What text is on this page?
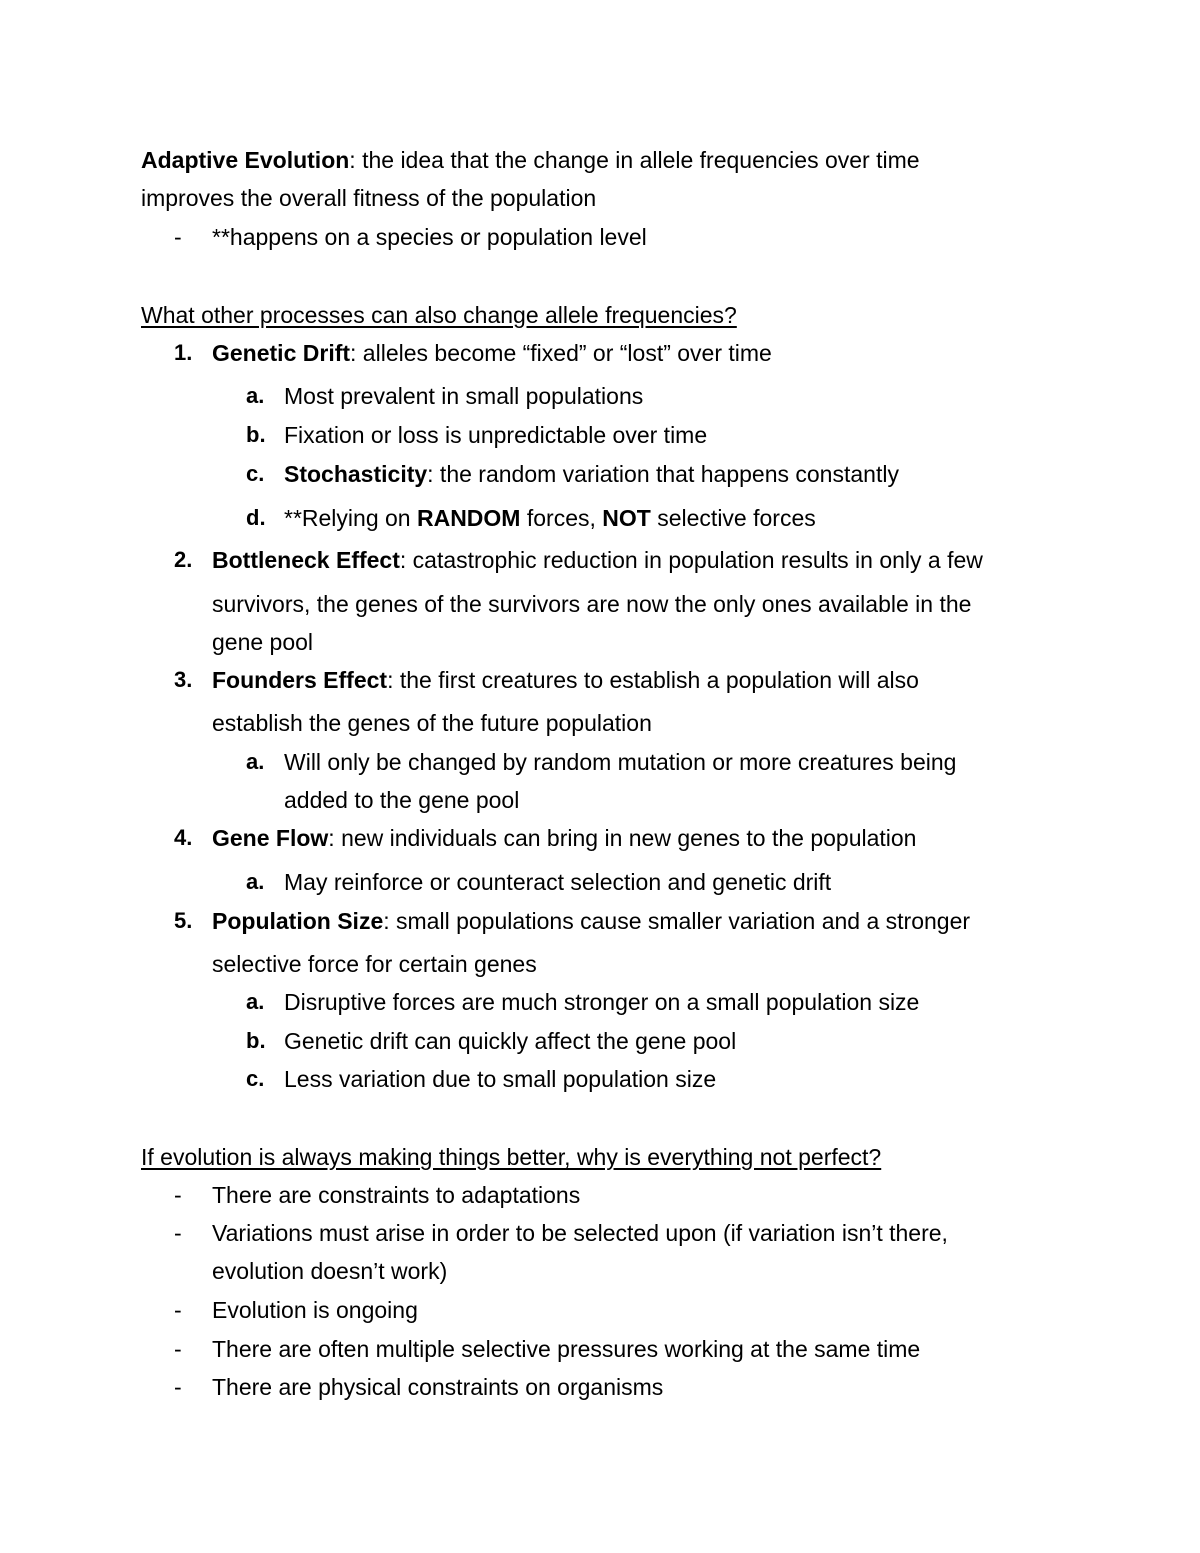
Adaptive Evolution: the idea that the change in allele frequencies over time
improves the overall fitness of the population
- **happens on a species or population level
What other processes can also change allele frequencies?
1. Genetic Drift: alleles become “fixed” or “lost” over time
a. Most prevalent in small populations
b. Fixation or loss is unpredictable over time
c. Stochasticity: the random variation that happens constantly
d. **Relying on RANDOM forces, NOT selective forces
2. Bottleneck Effect: catastrophic reduction in population results in only a few
survivors, the genes of the survivors are now the only ones available in the
gene pool
3. Founders Effect: the first creatures to establish a population will also
establish the genes of the future population
a. Will only be changed by random mutation or more creatures being
added to the gene pool
4. Gene Flow: new individuals can bring in new genes to the population
a. May reinforce or counteract selection and genetic drift
5. Population Size: small populations cause smaller variation and a stronger
selective force for certain genes
a. Disruptive forces are much stronger on a small population size
b. Genetic drift can quickly affect the gene pool
c. Less variation due to small population size
If evolution is always making things better, why is everything not perfect?
- There are constraints to adaptations
- Variations must arise in order to be selected upon (if variation isn’t there,
evolution doesn’t work)
- Evolution is ongoing
- There are often multiple selective pressures working at the same time
- There are physical constraints on organisms
